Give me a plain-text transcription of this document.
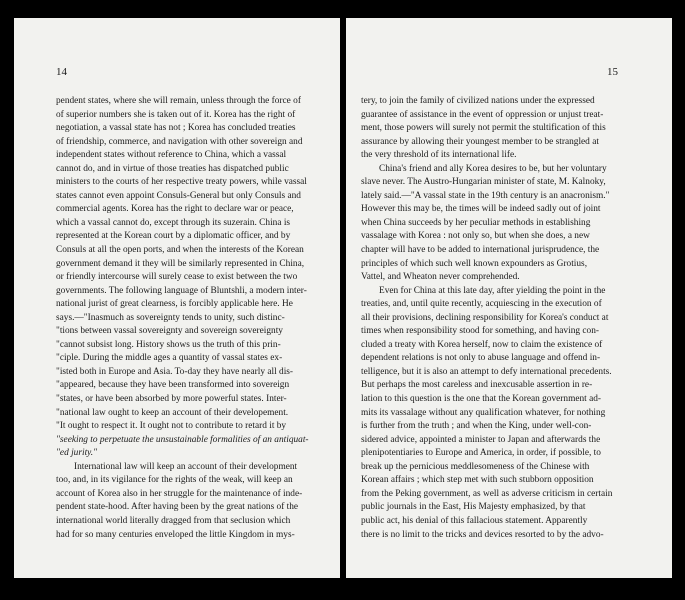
14
pendent states, where she will remain, unless through the force of
of superior numbers she is taken out of it. Korea has the right of
negotiation, a vassal state has not ; Korea has concluded treaties
of friendship, commerce, and navigation with other sovereign and
independent states without reference to China, which a vassal
cannot do, and in virtue of those treaties has dispatched public
ministers to the courts of her respective treaty powers, while vassal
states cannot even appoint Consuls-General but only Consuls and
commercial agents. Korea has the right to declare war or peace,
which a vassal cannot do, except through its suzerain. China is
represented at the Korean court by a diplomatic officer, and by
Consuls at all the open ports, and when the interests of the Korean
government demand it they will be similarly represented in China,
or friendly intercourse will surely cease to exist between the two
governments. The following language of Bluntshli, a modern inter-
national jurist of great clearness, is forcibly applicable here. He
says.—"Inasmuch as sovereignty tends to unity, such distinc-
"tions between vassal sovereignty and sovereign sovereignty
"cannot subsist long. History shows us the truth of this prin-
"ciple. During the middle ages a quantity of vassal states ex-
"isted both in Europe and Asia. To-day they have nearly all dis-
"appeared, because they have been transformed into sovereign
"states, or have been absorbed by more powerful states. Inter-
"national law ought to keep an account of their developement.
"It ought to respect it. It ought not to contribute to retard it by
"seeking to perpetuate the unsustainable formalities of an antiquat-
"ed jurity."
International law will keep an account of their development
too, and, in its vigilance for the rights of the weak, will keep an
account of Korea also in her struggle for the maintenance of inde-
pendent state-hood. After having been by the great nations of the
international world literally dragged from that seclusion which
had for so many centuries enveloped the little Kingdom in mys-
15
tery, to join the family of civilized nations under the expressed
guarantee of assistance in the event of oppression or unjust treat-
ment, those powers will surely not permit the stultification of this
assurance by allowing their youngest member to be strangled at
the very threshold of its international life.
China's friend and ally Korea desires to be, but her voluntary
slave never. The Austro-Hungarian minister of state, M. Kalnoky,
lately said.—"A vassal state in the 19th century is an anacronism."
However this may be, the times will be indeed sadly out of joint
when China succeeds by her peculiar methods in establishing
vassalage with Korea : not only so, but when she does, a new
chapter will have to be added to international jurisprudence, the
principles of which such well known expounders as Grotius,
Vattel, and Wheaton never comprehended.
Even for China at this late day, after yielding the point in the
treaties, and, until quite recently, acquiescing in the execution of
all their provisions, declining responsibility for Korea's conduct at
times when responsibility stood for something, and having con-
cluded a treaty with Korea herself, now to claim the existence of
dependent relations is not only to abuse language and offend in-
telligence, but it is also an attempt to defy international precedents.
But perhaps the most careless and inexcusable assertion in re-
lation to this question is the one that the Korean government ad-
mits its vassalage without any qualification whatever, for nothing
is further from the truth ; and when the King, under well-con-
sidered advice, appointed a minister to Japan and afterwards the
plenipotentiaries to Europe and America, in order, if possible, to
break up the pernicious meddlesomeness of the Chinese with
Korean affairs ; which step met with such stubborn opposition
from the Peking government, as well as adverse criticism in certain
public journals in the East, His Majesty emphasized, by that
public act, his denial of this fallacious statement. Apparently
there is no limit to the tricks and devices resorted to by the advo-
